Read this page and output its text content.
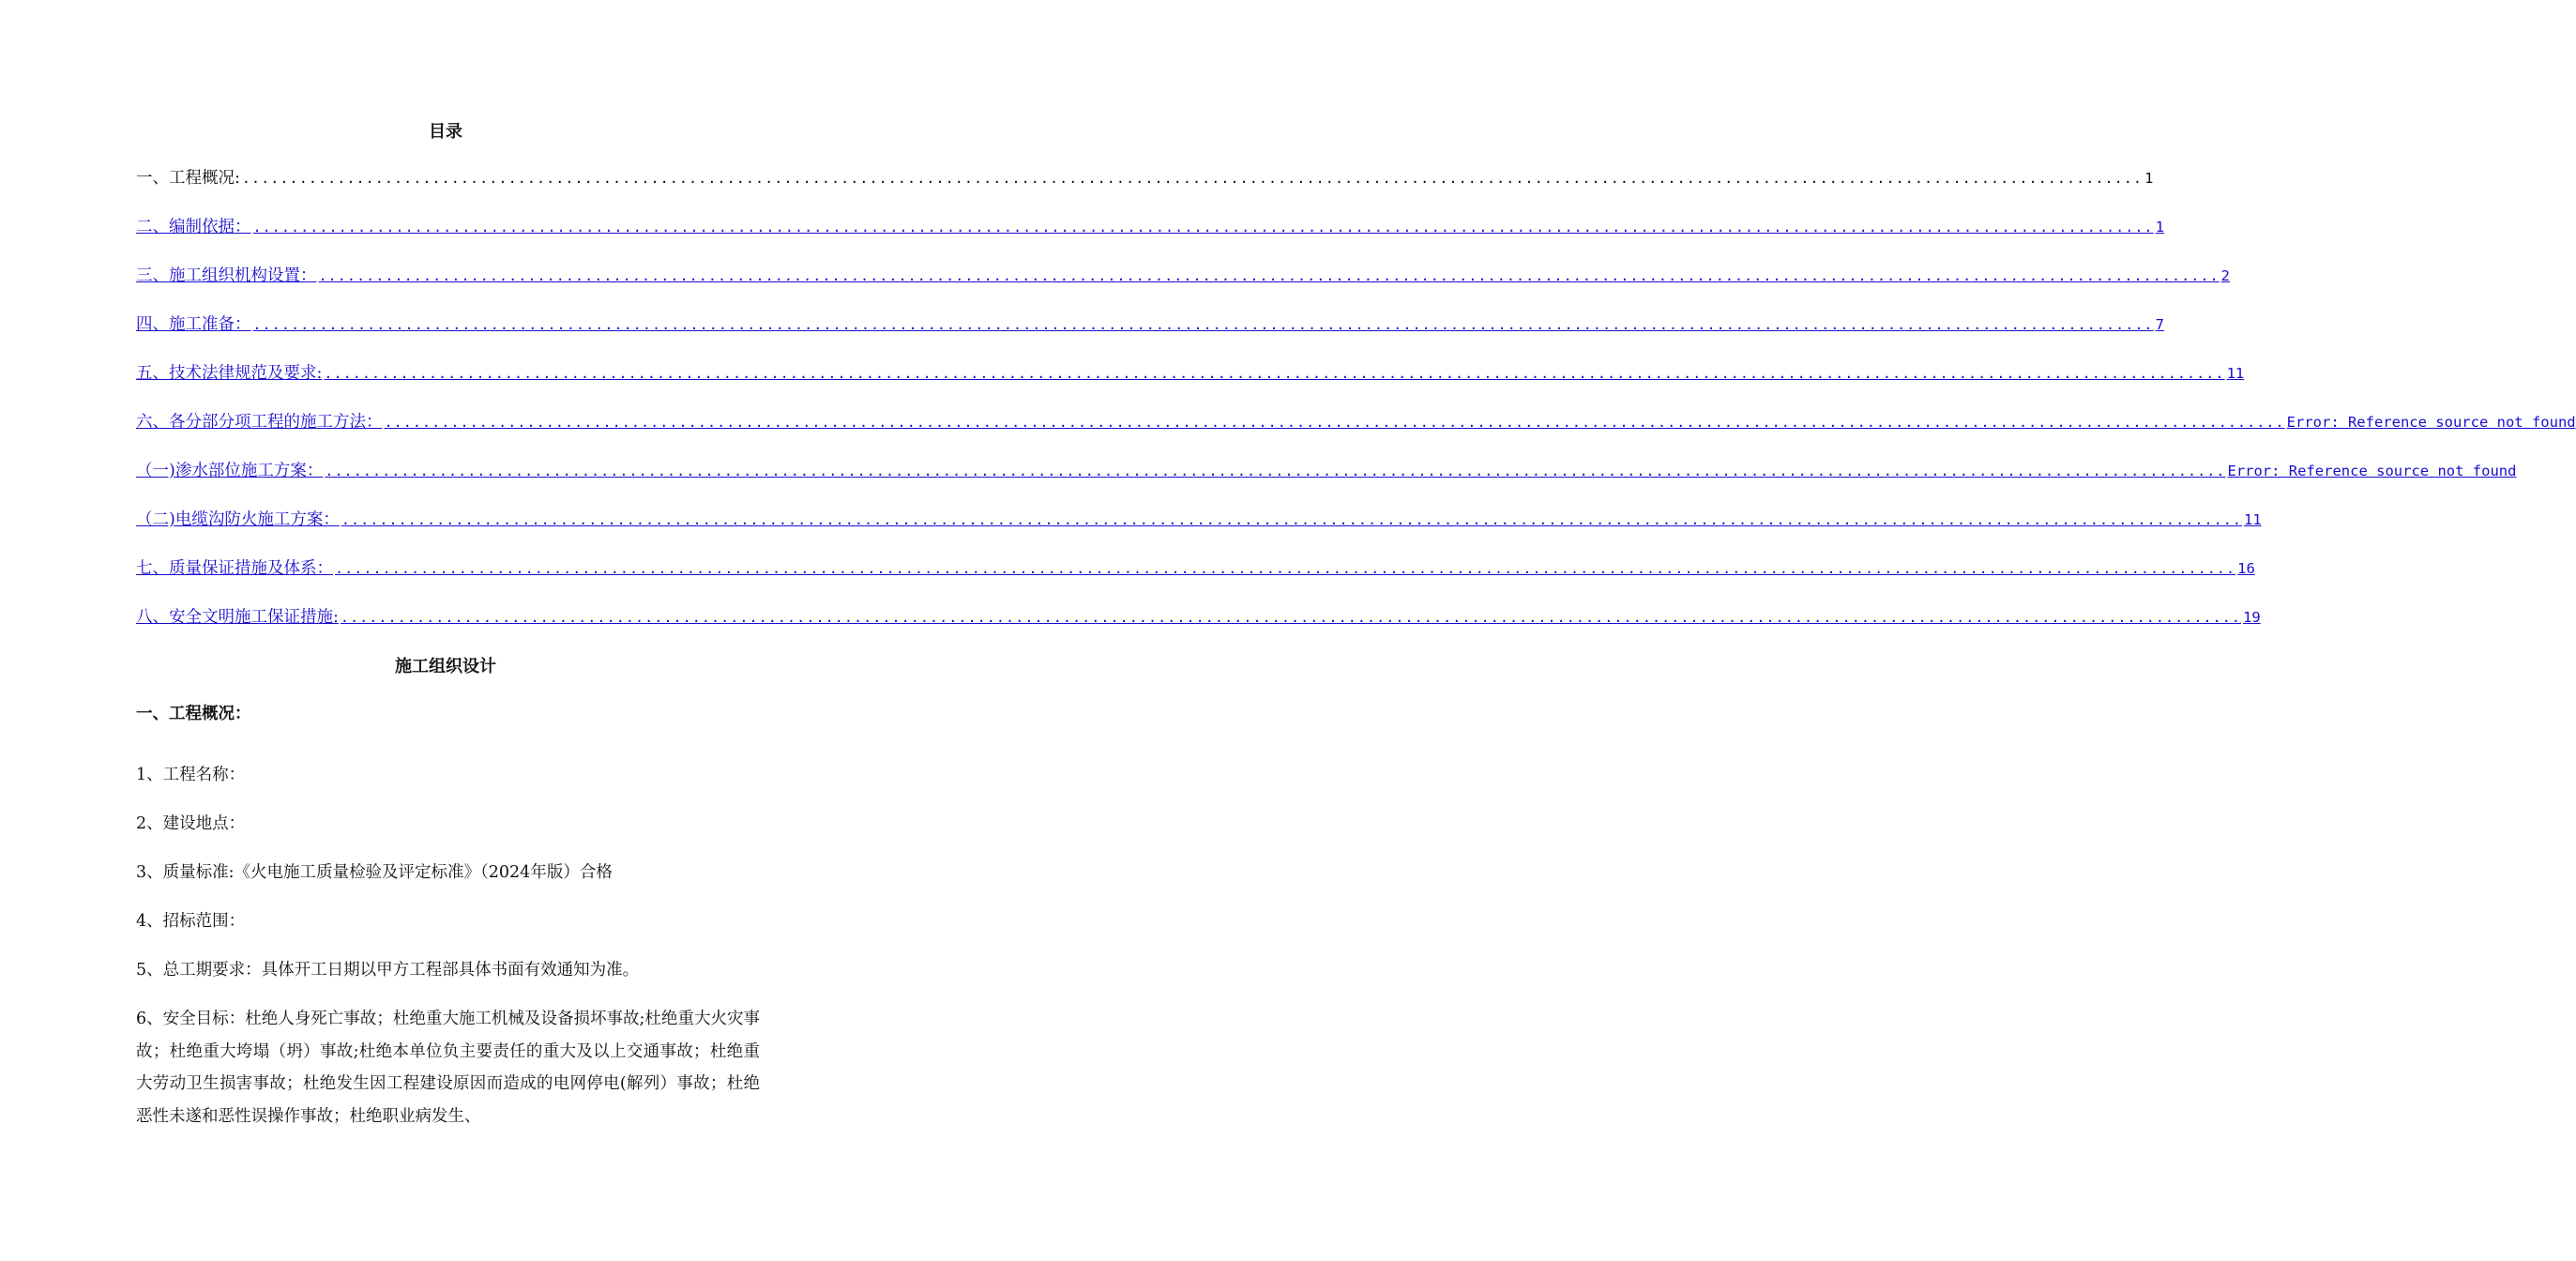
目录
一、工程概况: ........................................................................................................................................................................................................ 1
二、编制依据： ........................................................................................................................................................................................................ 1
三、施工组织机构设置： ........................................................................................................................................................................................................ 2
四、施工准备： ........................................................................................................................................................................................................ 7
五、技术法律规范及要求: ........................................................................................................................................................................................................ 11
六、各分部分项工程的施工方法： ........................................................................................................................................................................................................ Error: Reference source not found
（一)渗水部位施工方案： ........................................................................................................................................................................................................ Error: Reference source not found
（二)电缆沟防火施工方案： ........................................................................................................................................................................................................ 11
七、质量保证措施及体系： ........................................................................................................................................................................................................ 16
八、安全文明施工保证措施: ........................................................................................................................................................................................................ 19
施工组织设计
一、工程概况：
1、工程名称：
2、建设地点：
3、质量标准:《火电施工质量检验及评定标准》（2024年版）合格
4、招标范围：
5、总工期要求：具体开工日期以甲方工程部具体书面有效通知为准。
6、安全目标：杜绝人身死亡事故；杜绝重大施工机械及设备损坏事故;杜绝重大火灾事故；杜绝重大垮塌（坍）事故;杜绝本单位负主要责任的重大及以上交通事故；杜绝重大劳动卫生损害事故；杜绝发生因工程建设原因而造成的电网停电(解列）事故；杜绝恶性未遂和恶性误操作事故；杜绝职业病发生、
